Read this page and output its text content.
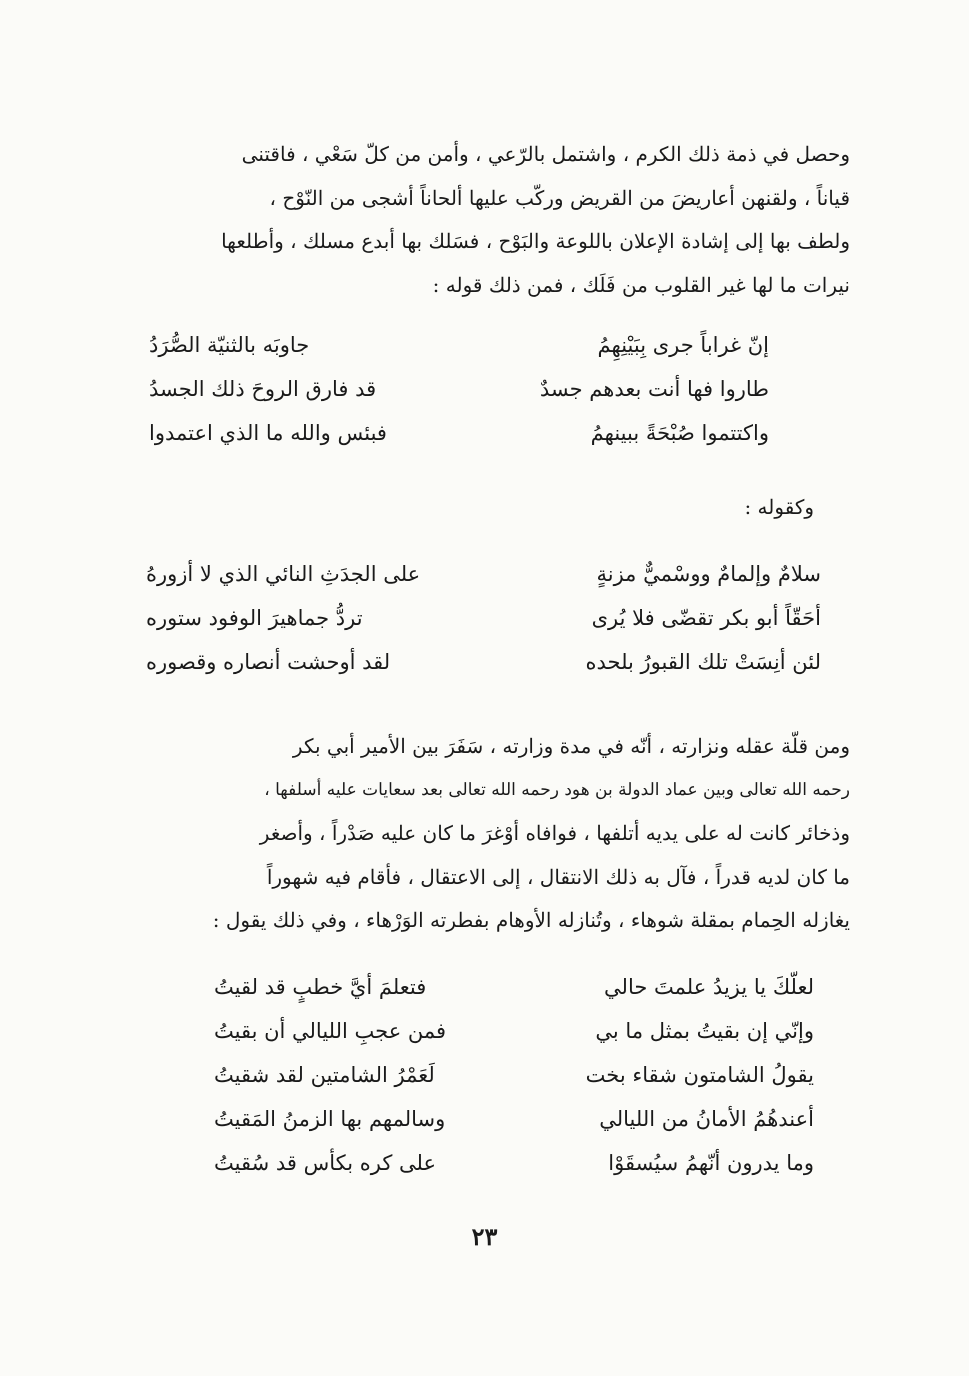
وحصل في ذمة ذلك الكرم ، واشتمل بالرّعي ، وأمن من كلّ سَعْي ، فاقتنى
قياناً ، ولقنهن أعاريضَ من القريض وركّب عليها ألحاناً أشجى من النّوْح ،
ولطف بها إلى إشادة الإعلان باللوعة والبَوْح ، فسَلك بها أبدع مسلك ، وأطلعها
نيرات ما لها غير القلوب من فَلَك ، فمن ذلك قوله :
إنّ غراباً جرى بِبَيْنِهِمُ
جاوبَه بالثنيّة الصُّرَدُ
طاروا فها أنت بعدهم جسدٌ
قد فارق الروحَ ذلك الجسدُ
واكتتموا صُبْحَةً ببينهمُ
فبئس والله ما الذي اعتمدوا
وكقوله :
سلامٌ وإلمامٌ ووسْميٌّ مزنةٍ
على الجدَثِ النائي الذي لا أزورهُ
أحَقّاً أبو بكر تقضّى فلا يُرى
تردُّ جماهيرَ الوفود ستوره
لئن أنِسَتْ تلك القبورُ بلحده
لقد أوحشت أنصاره وقصوره
ومن قلّة عقله ونزارته ، أنّه في مدة وزارته ، سَفَرَ بين الأمير أبي بكر
رحمه الله تعالى وبين عماد الدولة بن هود رحمه الله تعالى بعد سعايات عليه أسلفها ،
وذخائر كانت له على يديه أتلفها ، فوافاه أوْغرَ ما كان عليه صَدْراً ، وأصغر
ما كان لديه قدراً ، فآل به ذلك الانتقال ، إلى الاعتقال ، فأقام فيه شهوراً
يغازله الحِمام بمقلة شوهاء ، وتُنازله الأوهام بفطرته الوَرْهاء ، وفي ذلك يقول :
لعلّكَ يا يزيدُ علمتَ حالي
فتعلمَ أيَّ خطبٍ قد لقيتُ
وإنّي إن بقيتُ بمثل ما بي
فمن عجبِ الليالي أن بقيتُ
يقولُ الشامتون شقاء بخت
لَعَمْرُ الشامتين لقد شقيتُ
أعندهُمُ الأمانُ من الليالي
وسالمهم بها الزمنُ المَقيتُ
وما يدرون أنّهمُ سيُسقَوْا
على كره بكأس قد سُقيتُ
٢٣
